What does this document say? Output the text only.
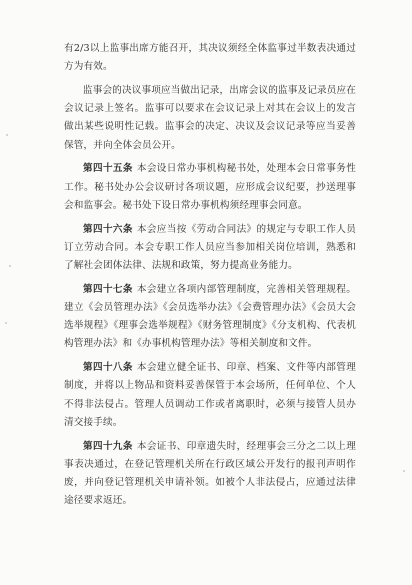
有2/3以上监事出席方能召开，其决议须经全体监事过半数表决通过方为有效。

监事会的决议事项应当做出记录，出席会议的监事及记录员应在会议记录上签名。监事可以要求在会议记录上对其在会议上的发言做出某些说明性记载。监事会的决定、决议及会议记录等应当妥善保管，并向全体会员公开。

第四十五条 本会设日常办事机构秘书处，处理本会日常事务性工作。秘书处办公会议研讨各项议题，应形成会议纪要，抄送理事会和监事会。秘书处下设日常办事机构须经理事会同意。

第四十六条 本会应当按《劳动合同法》的规定与专职工作人员订立劳动合同。本会专职工作人员应当参加相关岗位培训，熟悉和了解社会团体法律、法规和政策，努力提高业务能力。

第四十七条 本会建立各项内部管理制度，完善相关管理规程。建立《会员管理办法》《会员选举办法》《会费管理办法》《会员大会选举规程》《理事会选举规程》《财务管理制度》《分支机构、代表机构管理办法》和《办事机构管理办法》等相关制度和文件。

第四十八条 本会建立健全证书、印章、档案、文件等内部管理制度，并将以上物品和资料妥善保管于本会场所，任何单位、个人不得非法侵占。管理人员调动工作或者离职时，必须与接管人员办清交接手续。

第四十九条 本会证书、印章遗失时，经理事会三分之二以上理事表决通过，在登记管理机关所在行政区域公开发行的报刊声明作废，并向登记管理机关申请补领。如被个人非法侵占，应通过法律途径要求返还。
